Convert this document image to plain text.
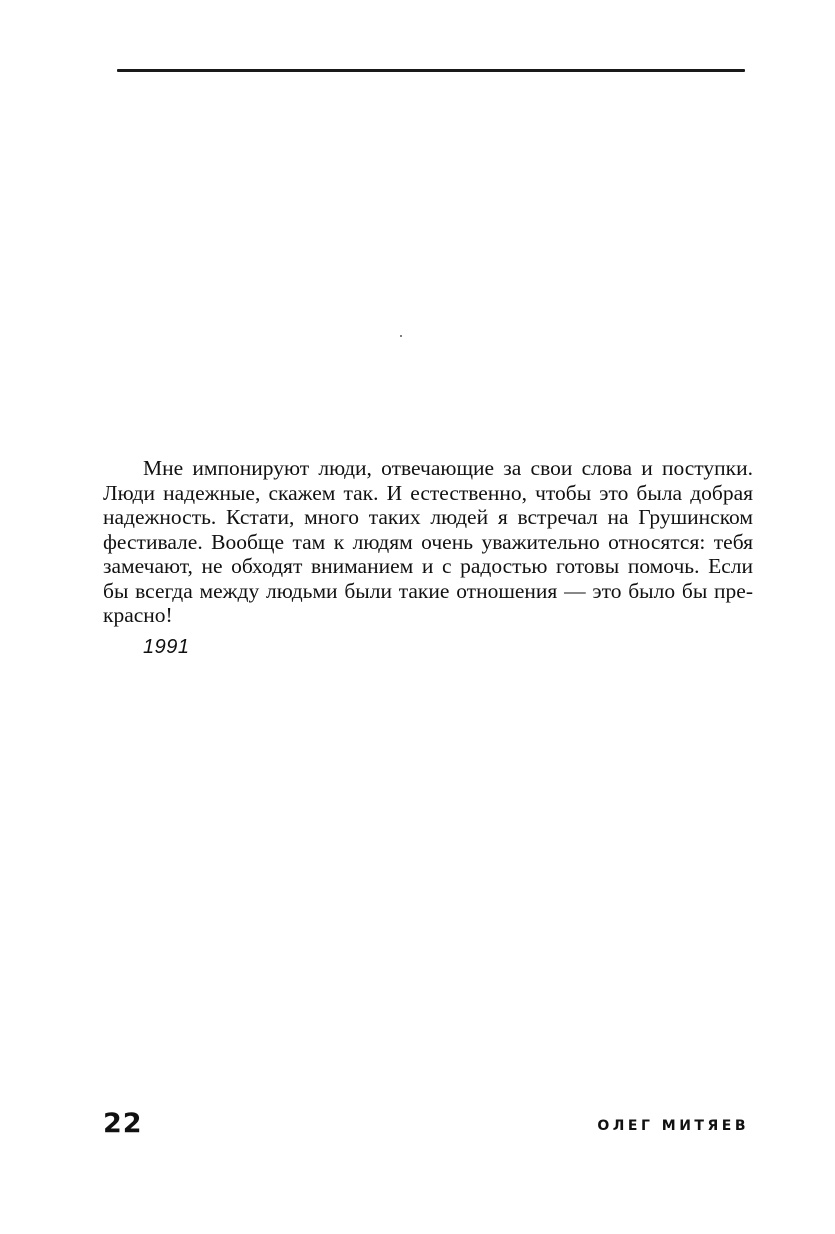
Мне импонируют люди, отвечающие за свои слова и поступки.
Люди надежные, скажем так. И естественно, чтобы это была добрая
надежность. Кстати, много таких людей я встречал на Грушинском
фестивале. Вообще там к людям очень уважительно относятся: тебя
замечают, не обходят вниманием и с радостью готовы помочь. Если
бы всегда между людьми были такие отношения — это было бы пре-
красно!

1991

22	ОЛЕГ МИТЯЕВ
